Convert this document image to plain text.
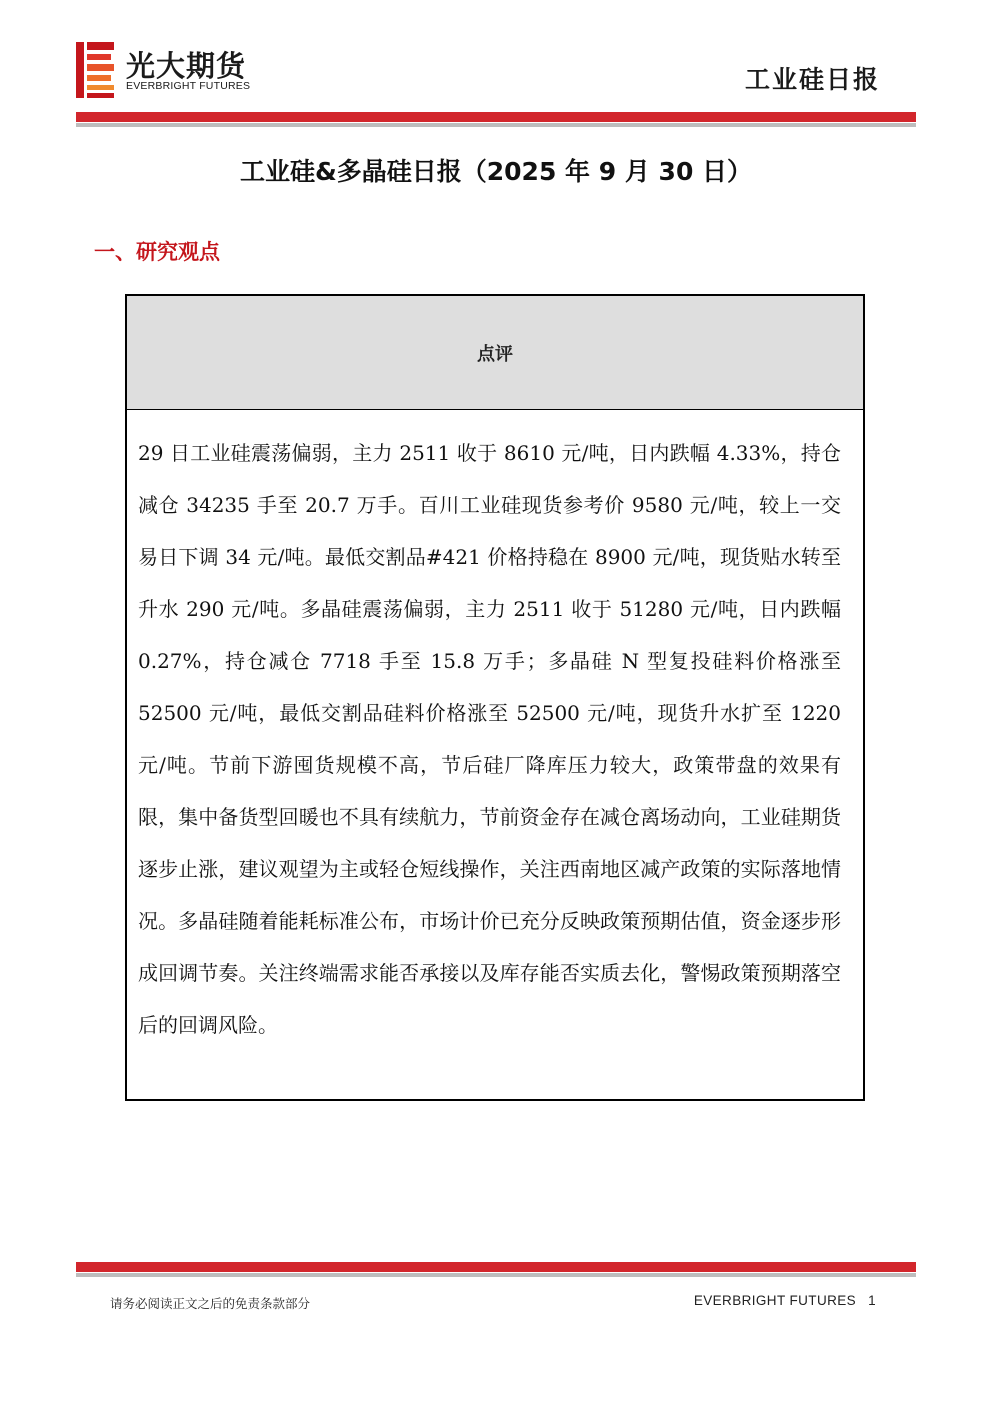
光大期货
EVERBRIGHT FUTURES	工业硅日报
工业硅&多晶硅日报（2025 年 9 月 30 日）
一、研究观点
点评
29 日工业硅震荡偏弱，主力 2511 收于 8610 元/吨，日内跌幅 4.33%，持仓减仓 34235 手至 20.7 万手。百川工业硅现货参考价 9580 元/吨，较上一交易日下调 34 元/吨。最低交割品#421 价格持稳在 8900 元/吨，现货贴水转至升水 290 元/吨。多晶硅震荡偏弱，主力 2511 收于 51280 元/吨，日内跌幅 0.27%，持仓减仓 7718 手至 15.8 万手；多晶硅 N 型复投硅料价格涨至 52500 元/吨，最低交割品硅料价格涨至 52500 元/吨，现货升水扩至 1220 元/吨。节前下游囤货规模不高，节后硅厂降库压力较大，政策带盘的效果有限，集中备货型回暖也不具有续航力，节前资金存在减仓离场动向，工业硅期货逐步止涨，建议观望为主或轻仓短线操作，关注西南地区减产政策的实际落地情况。多晶硅随着能耗标准公布，市场计价已充分反映政策预期估值，资金逐步形成回调节奏。关注终端需求能否承接以及库存能否实质去化，警惕政策预期落空后的回调风险。
请务必阅读正文之后的免责条款部分	EVERBRIGHT FUTURES 1
